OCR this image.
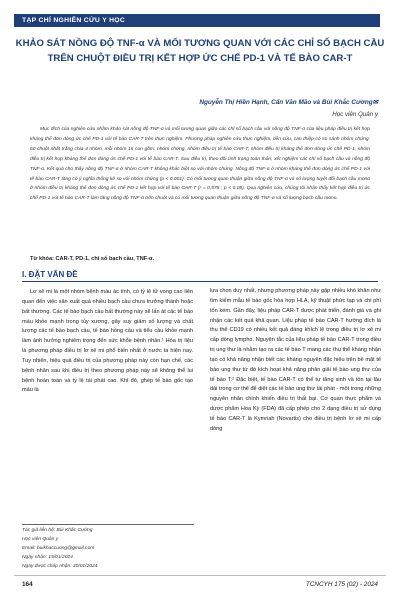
TẠP CHÍ NGHIÊN CỨU Y HỌC
KHẢO SÁT NỒNG ĐỘ TNF-α VÀ MỐI TƯƠNG QUAN VỚI CÁC CHỈ SỐ BẠCH CẦU TRÊN CHUỘT ĐIỀU TRỊ KẾT HỢP ỨC CHẾ PD-1 VÀ TẾ BÀO CAR-T
Nguyễn Thị Hiền Hạnh, Cấn Văn Mão và Bùi Khắc Cường✉
Học viện Quân y
Mục đích của nghiên cứu nhằm khảo sát nồng độ TNF-α và mối tương quan giữa các chỉ số bạch cầu với nồng độ TNF-α của liệu pháp điều trị kết hợp kháng thể đơn dòng ức chế PD-1 với tế bào CAR-T trên thực nghiệm. Phương pháp nghiên cứu thực nghiệm, tiến cứu, can thiệp có so sánh nhóm chứng: 60 chuột nhắt trắng chia 4 nhóm, mỗi nhóm 15 con gồm: nhóm chứng, nhóm điều trị tế bào CAR-T, nhóm điều trị kháng thể đơn dòng ức chế PD-1, nhóm điều trị kết hợp kháng thể đơn dòng ức chế PD-1 với tế bào CAR-T. Sau điều trị, theo dõi tình trạng toàn thân, xét nghiệm các chỉ số bạch cầu và nồng độ TNF-α. Kết quả cho thấy nồng độ TNF-α ở nhóm CAR-T không khác biệt so với nhóm chứng. Nồng độ TNF-α ở nhóm kháng thể đơn dòng ức chế PD-1 với tế bào CAR-T tăng có ý nghĩa thống kê so với nhóm chứng (p < 0,001). Có mối tương quan thuận giữa nồng độ TNF-α và số lượng tuyệt đối bạch cầu mono ở nhóm điều trị kháng thể đơn dòng ức chế PD-1 kết hợp với tế bào CAR-T (r = 0,578 ; p < 0,05). Qua nghiên cứu, chúng tôi nhận thấy kết hợp điều trị ức chế PD-1 với tế bào CAR-T làm tăng nồng độ TNF-α trên chuột và có mối tương quan thuận giữa nồng độ TNF-α và số lượng bạch cầu mono.
Từ khóa: CAR-T, PD-1, chỉ số bạch cầu, TNF-α.
I. ĐẶT VẤN ĐỀ
Lơ xê mi là một nhóm bệnh máu ác tính, có tỷ lệ tử vong cao liên quan đến việc sản xuất quá nhiều bạch cầu chưa trưởng thành hoặc bất thường. Các tế bào bạch cầu bất thường này sẽ lấn át các tế bào máu khỏe mạnh trong tủy xương, gây suy giảm số lượng và chất lượng các tế bào bạch cầu, tế bào hồng cầu và tiểu cầu khỏe mạnh làm ảnh hưởng nghiêm trọng đến sức khỏe bệnh nhân.¹ Hóa trị liệu là phương pháp điều trị lơ xê mi phổ biến nhất ở nước ta hiện nay. Tuy nhiên, hiệu quả điều trị của phương pháp này còn hạn chế, các bệnh nhân sau khi điều trị theo phương pháp này sẽ không thể lui bệnh hoàn toàn và tỷ lệ tái phát cao. Khi đó, ghép tế bào gốc tạo máu là
lựa chọn duy nhất, nhưng phương pháp này gặp nhiều khó khăn như tìm kiếm mẫu tế bào gốc hòa hợp HLA, kỹ thuật phức tạp và chi phí tốn kém. Gần đây, liệu pháp CAR-T được phát triển, đánh giá và ghi nhận các kết quả khả quan. Liệu pháp tế bào CAR-T hướng đích là thụ thể CD19 có nhiều kết quả đáng khích lệ trong điều trị lơ xê mi cấp dòng lympho. Nguyên tắc của liệu pháp tế bào CAR-T trong điều trị ung thư là nhằm tạo ra các tế bào T mang các thụ thể kháng nhận tạo có khả năng nhận biết các kháng nguyên đặc hiệu trên bề mặt tế bào ung thư từ đó kích hoạt khả năng phân giải tế bào ung thư của tế bào T.² Đặc biệt, tế bào CAR-T có thể tự tăng sinh và tồn tại lâu dài trong cơ thể để diệt các tế bào ung thư tái phát - một trong những nguyên nhân chính khiến điều trị thất bại. Cơ quan thực phẩm và dược phẩm Hoa Kỳ (FDA) đã cấp phép cho 2 dạng điều trị sử dụng tế bào CAR-T là Kymriah (Novartis) cho điều trị bệnh lơ xê mi cấp dòng
Tác giả liên hệ: Bùi Khắc Cường
Học viện Quân y
Email: buikhaccuong@gmail.com
Ngày nhận: 15/01/2024
Ngày được chấp nhận: 30/01/2024
164	TCNCYH 175 (02) - 2024
